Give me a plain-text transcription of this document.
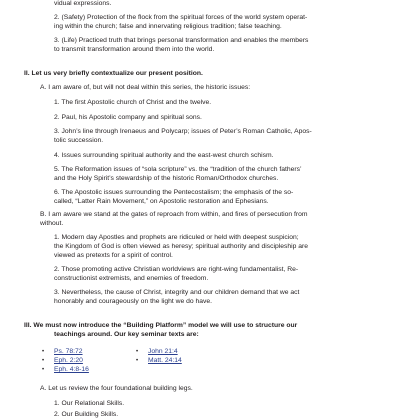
vidual expressions.

2. (Safety) Protection of the flock from the spiritual forces of the world system operat-

ing within the church; false and innervating religious tradition; false teaching.

3. (Life) Practiced truth that brings personal transformation and enables the members

to transmit transformation around them into the world.

II. Let us very briefly contextualize our present position.

A. I am aware of, but will not deal within this series, the historic issues:

1. The first Apostolic church of Christ and the twelve.

2. Paul, his Apostolic company and spiritual sons.

3. John’s line through Irenaeus and Polycarp; issues of Peter’s Roman Catholic, Apos-

tolic succession.

4. Issues surrounding spiritual authority and the east-west church schism.

5. The Reformation issues of “sola scripture” vs. the “tradition of the church fathers’

and the Holy Spirit’s stewardship of the historic Roman/Orthodox churches.

6. The Apostolic issues surrounding the Pentecostalism; the emphasis of the so-

called, “Latter Rain Movement,” on Apostolic restoration and Ephesians.

B. I am aware we stand at the gates of reproach from within, and fires of persecution from

without.

1. Modern day Apostles and prophets are ridiculed or held with deepest suspicion;

the Kingdom of God is often viewed as heresy; spiritual authority and discipleship are

viewed as pretexts for a spirit of control.

2. Those promoting active Christian worldviews are right-wing fundamentalist, Re-

constructionist extremists, and enemies of freedom.

3. Nevertheless, the cause of Christ, integrity and our children demand that we act

honorably and courageously on the light we do have.

III. We must now introduce the “Building Platform” model we will use to structure our

teachings around. Our key seminar texts are:

• Ps. 78:72

• Eph. 2:20

• Eph. 4:8-16

• John 21:4

• Matt. 24:14

A. Let us review the four foundational building legs.

1. Our Relational Skills.

2. Our Building Skills.
